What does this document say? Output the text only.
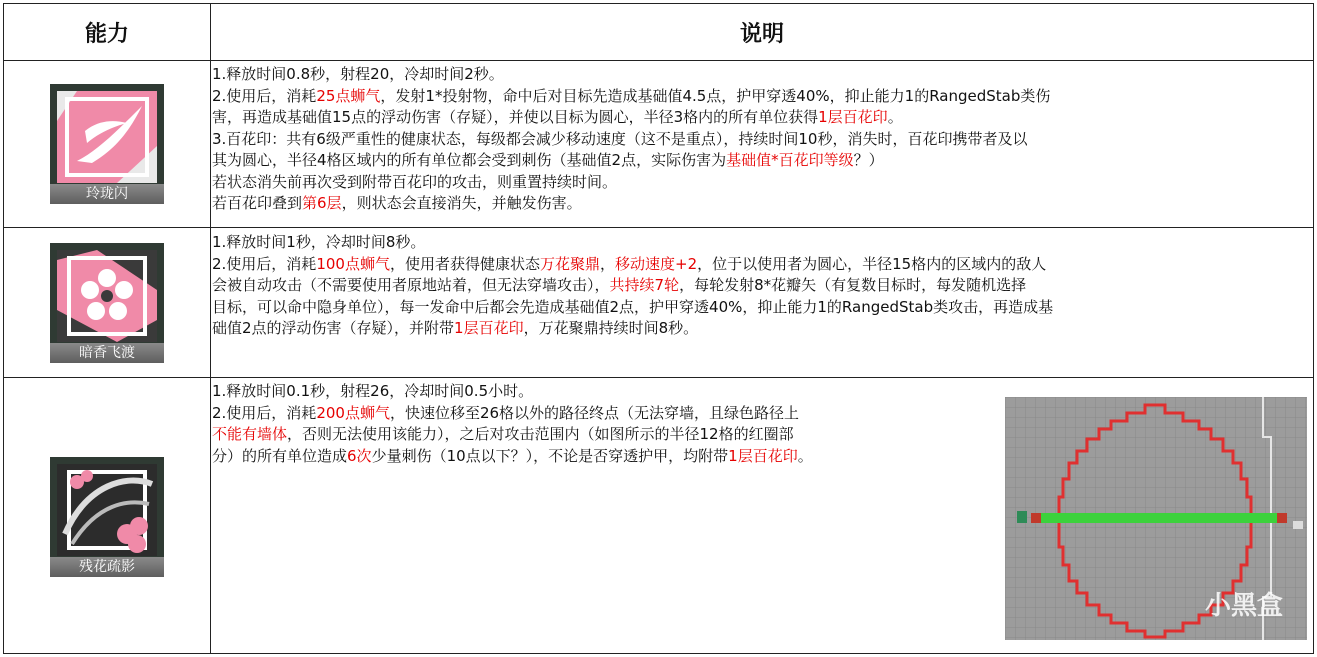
能力	说明
玲珑闪
暗香飞渡
残花疏影

1.释放时间0.8秒，射程20，冷却时间2秒。

2.使用后，消耗25点蛳气，发射1*投射物，命中后对目标先造成基础值4.5点，护甲穿透40%，抑止能力1的RangedStab类伤

害，再造成基础值15点的浮动伤害（存疑），并使以目标为圆心，半径3格内的所有单位获得1层百花印。

3.百花印：共有6级严重性的健康状态，每级都会减少移动速度（这不是重点），持续时间10秒，消失时，百花印携带者及以

其为圆心，半径4格区域内的所有单位都会受到刺伤（基础值2点，实际伤害为基础值*百花印等级？）

若状态消失前再次受到附带百花印的攻击，则重置持续时间。

若百花印叠到第6层，则状态会直接消失，并触发伤害。

1.释放时间1秒，冷却时间8秒。

2.使用后，消耗100点蛳气，使用者获得健康状态万花聚鼎，移动速度+2，位于以使用者为圆心，半径15格内的区域内的敌人

会被自动攻击（不需要使用者原地站着，但无法穿墙攻击），共持续7轮，每轮发射8*花瓣矢（有复数目标时，每发随机选择

目标，可以命中隐身单位），每一发命中后都会先造成基础值2点，护甲穿透40%，抑止能力1的RangedStab类攻击，再造成基

础值2点的浮动伤害（存疑），并附带1层百花印，万花聚鼎持续时间8秒。

1.释放时间0.1秒，射程26，冷却时间0.5小时。

2.使用后，消耗200点蛳气，快速位移至26格以外的路径终点（无法穿墙，且绿色路径上

不能有墙体，否则无法使用该能力），之后对攻击范围内（如图所示的半径12格的红圈部

分）的所有单位造成6次少量刺伤（10点以下？），不论是否穿透护甲，均附带1层百花印。

小黑盒
